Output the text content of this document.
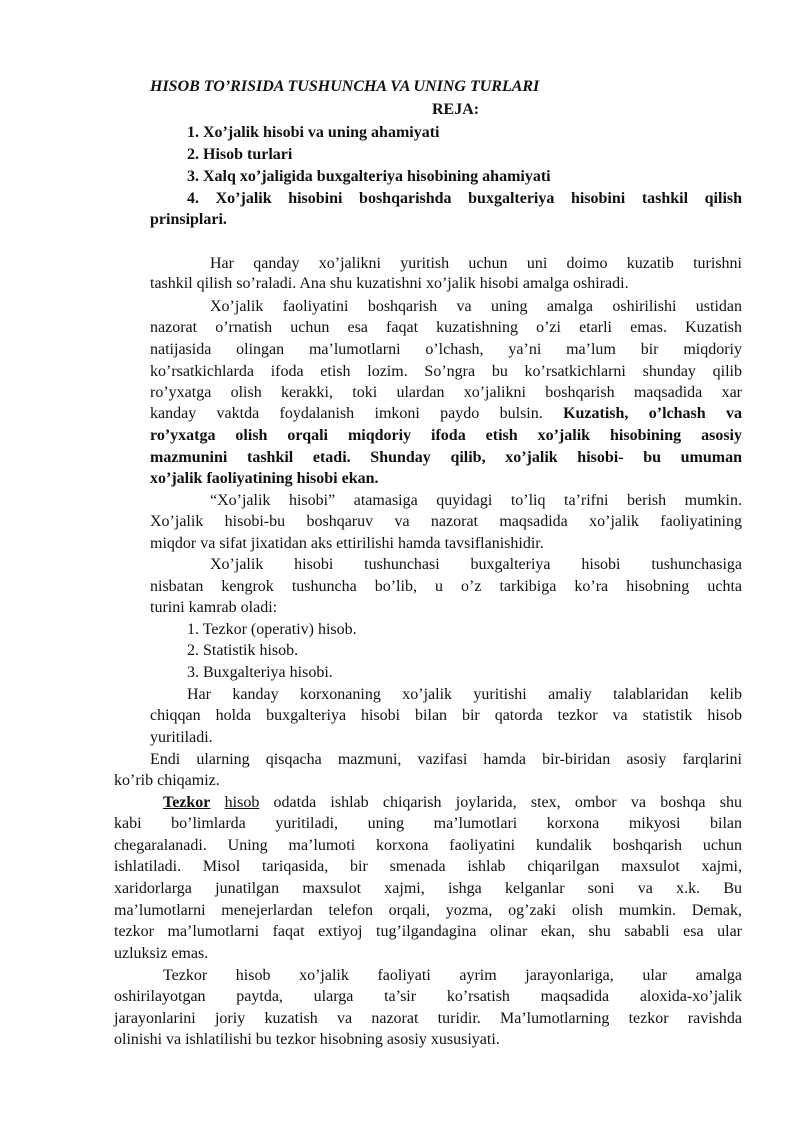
HISOB TO’RISIDA TUSHUNCHA VA UNING TURLARI
REJA:
1. Xo’jalik hisobi va uning ahamiyati
2. Hisob turlari
3. Xalq xo’jaligida buxgalteriya hisobining ahamiyati
4. Xo’jalik hisobini boshqarishda buxgalteriya hisobini tashkil qilish
prinsiplari.
Har qanday xo’jalikni yuritish uchun uni doimo kuzatib turishni
tashkil qilish so’raladi. Ana shu kuzatishni xo’jalik hisobi amalga oshiradi.
Xo’jalik faoliyatini boshqarish va uning amalga oshirilishi ustidan
nazorat o’rnatish uchun esa faqat kuzatishning o’zi etarli emas. Kuzatish
natijasida olingan ma’lumotlarni o’lchash, ya’ni ma’lum bir miqdoriy
ko’rsatkichlarda ifoda etish lozim. So’ngra bu ko’rsatkichlarni shunday qilib
ro’yxatga olish kerakki, toki ulardan xo’jalikni boshqarish maqsadida xar
kanday vaktda foydalanish imkoni paydo bulsin. Kuzatish, o’lchash va
ro’yxatga olish orqali miqdoriy ifoda etish xo’jalik hisobining asosiy
mazmunini tashkil etadi. Shunday qilib, xo’jalik hisobi- bu umuman
xo’jalik faoliyatining hisobi ekan.
“Xo’jalik hisobi” atamasiga quyidagi to’liq ta’rifni berish mumkin.
Xo’jalik hisobi-bu boshqaruv va nazorat maqsadida xo’jalik faoliyatining
miqdor va sifat jixatidan aks ettirilishi hamda tavsiflanishidir.
Xo’jalik hisobi tushunchasi buxgalteriya hisobi tushunchasiga
nisbatan kengrok tushuncha bo’lib, u o’z tarkibiga ko’ra hisobning uchta
turini kamrab oladi:
1. Tezkor (operativ) hisob.
2. Statistik hisob.
3. Buxgalteriya hisobi.
Har kanday korxonaning xo’jalik yuritishi amaliy talablaridan kelib
chiqqan holda buxgalteriya hisobi bilan bir qatorda tezkor va statistik hisob
yuritiladi.
Endi ularning qisqacha mazmuni, vazifasi hamda bir-biridan asosiy farqlarini
ko’rib chiqamiz.
Tezkor hisob odatda ishlab chiqarish joylarida, stex, ombor va boshqa shu
kabi bo’limlarda yuritiladi, uning ma’lumotlari korxona mikyosi bilan
chegaralanadi. Uning ma’lumoti korxona faoliyatini kundalik boshqarish uchun
ishlatiladi. Misol tariqasida, bir smenada ishlab chiqarilgan maxsulot xajmi,
xaridorlarga junatilgan maxsulot xajmi, ishga kelganlar soni va x.k. Bu
ma’lumotlarni menejerlardan telefon orqali, yozma, og’zaki olish mumkin. Demak,
tezkor ma’lumotlarni faqat extiyoj tug’ilgandagina olinar ekan, shu sababli esa ular
uzluksiz emas.
Tezkor hisob xo’jalik faoliyati ayrim jarayonlariga, ular amalga
oshirilayotgan paytda, ularga ta’sir ko’rsatish maqsadida aloxida-xo’jalik
jarayonlarini joriy kuzatish va nazorat turidir. Ma’lumotlarning tezkor ravishda
olinishi va ishlatilishi bu tezkor hisobning asosiy xususiyati.
